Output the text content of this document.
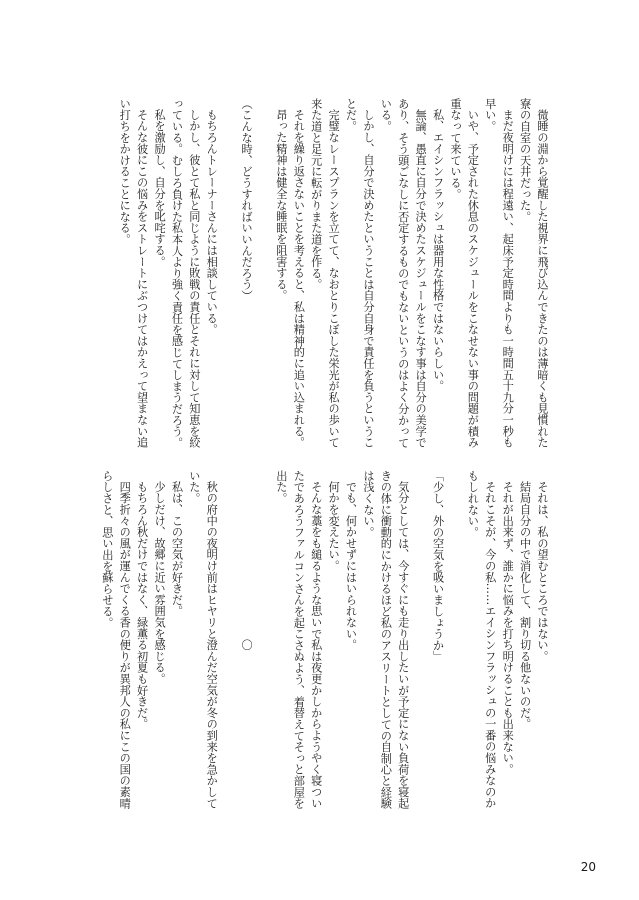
微睡の淵から覚醒した視界に飛び込んできたのは薄暗くも見慣れた寮の自室の天井だった。

まだ夜明けには程遠い、起床予定時間よりも一時間五十九分一秒も早い。

いや、予定された休息のスケジュールをこなせない事の問題が積み重なって来ている。

私、エイシンフラッシュは器用な性格ではないらしい。

無論、愚直に自分で決めたスケジュールをこなす事は自分の美学であり、そう頭ごなしに否定するものでもないというのはよく分かっている。

しかし、自分で決めたということは自分自身で責任を負うということだ。

完璧なレースプランを立てて、なおとりこぼした栄光が私の歩いて来た道と足元に転がりまた道を作る。

それを繰り返さないことを考えると、私は精神的に追い込まれる。

昂った精神は健全な睡眠を阻害する。

（こんな時、どうすればいいんだろう）

もちろんトレーナーさんには相談している。

しかし、彼とて私と同じように敗戦の責任とそれに対して知恵を絞っている。むしろ負けた私本人より強く責任を感じてしまうだろう。

私を激励し、自分を叱咤する。

そんな彼にこの悩みをストレートにぶつけてはかえって望まない追い打ちをかけることになる。

それは、私の望むところではない。

結局自分の中で消化して、割り切る他ないのだ。

それが出来ず、誰かに悩みを打ち明けることも出来ない。

それこそが、今の私……エイシンフラッシュの一番の悩みなのかもしれない。

「少し、外の空気を吸いましょうか」

気分としては、今すぐにも走り出したいが予定にない負荷を寝起きの体に衝動的にかけるほど私のアスリートとしての自制心と経験は浅くない。

でも、何かせずにはいられない。

何かを変えたい。

そんな藁をも縋るような思いで私は夜更かしからようやく寝ついたであろうファルコンさんを起こさぬよう、着替えてそっと部屋を出た。

〇

秋の府中の夜明け前はヒヤリと澄んだ空気が冬の到来を急かしていた。

私は、この空気が好きだ。

少しだけ、故郷に近い雰囲気を感じる。

もちろん秋だけではなく、緑薫る初夏も好きだ。

四季折々の風が運んでくる香の便りが異邦人の私にこの国の素晴らしさと、思い出を蘇らせる。

20
